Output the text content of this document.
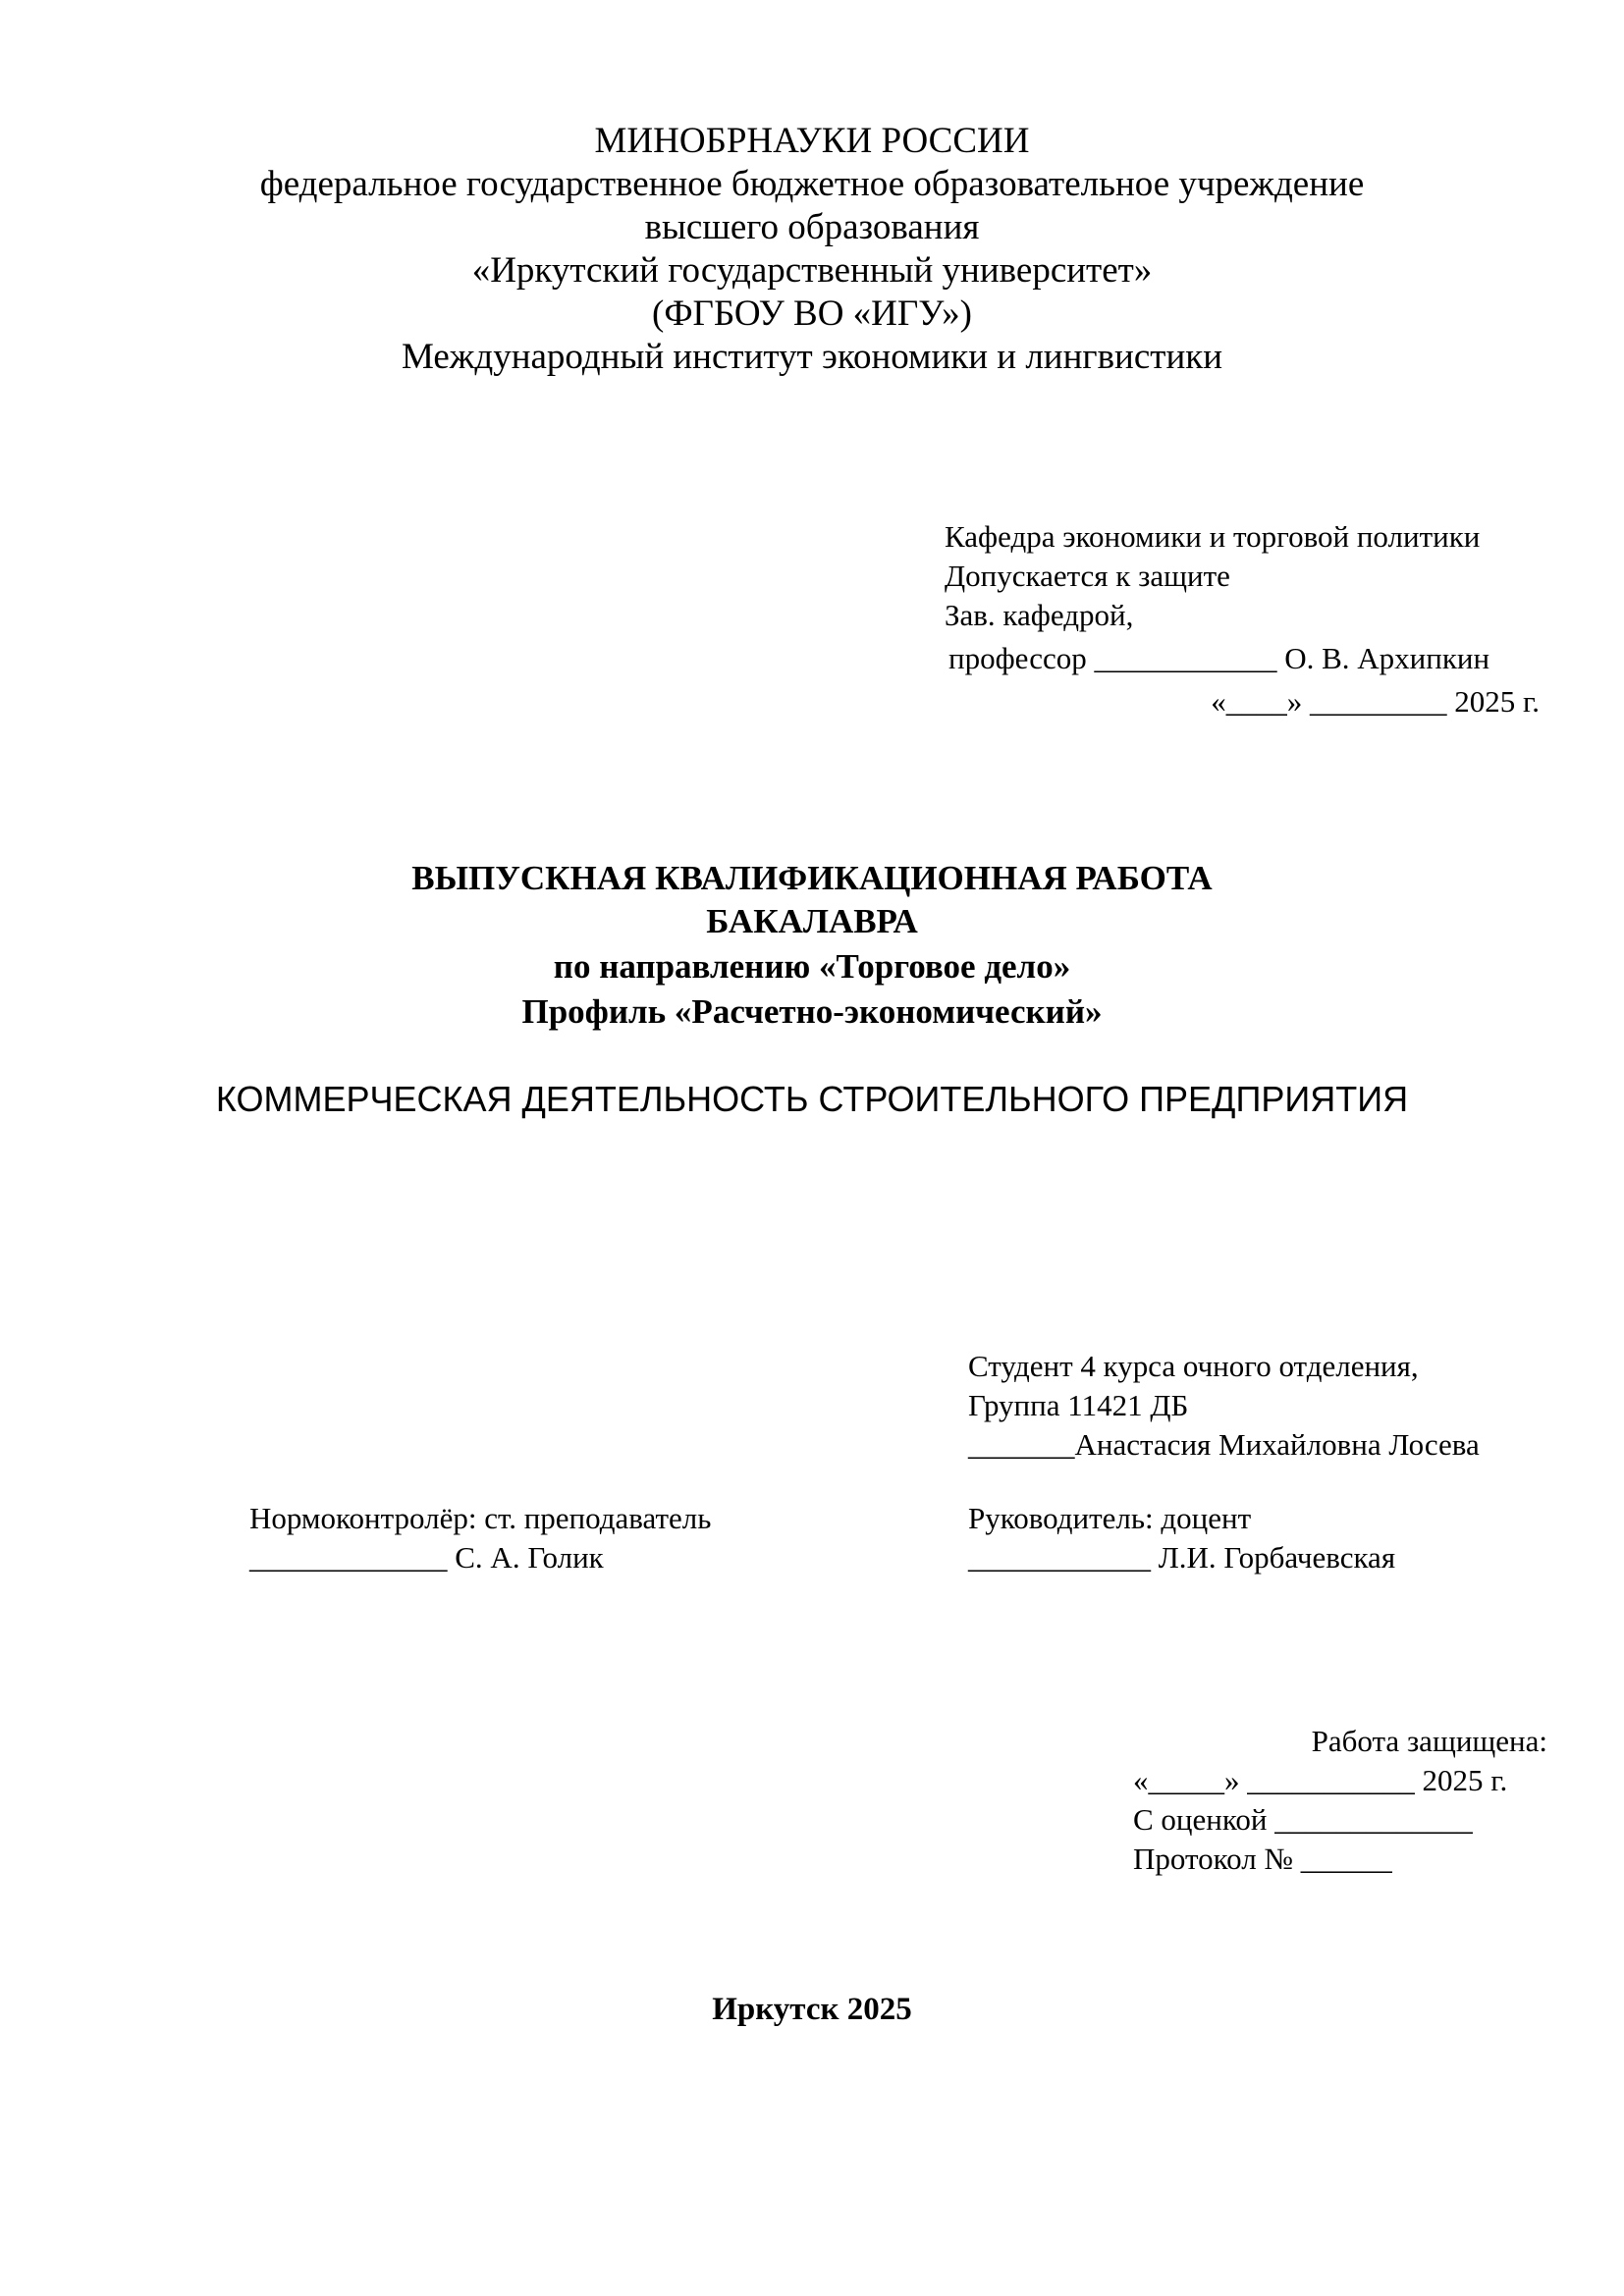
МИНОБРНАУКИ РОССИИ
федеральное государственное бюджетное образовательное учреждение
высшего образования
«Иркутский государственный университет»
(ФГБОУ ВО «ИГУ»)
Международный институт экономики и лингвистики
Кафедра экономики и торговой политики
Допускается к защите
Зав. кафедрой,
профессор ____________ О. В. Архипкин
«____» _________ 2025 г.
ВЫПУСКНАЯ КВАЛИФИКАЦИОННАЯ РАБОТА
БАКАЛАВРА
по направлению «Торговое дело»
Профиль «Расчетно-экономический»
КОММЕРЧЕСКАЯ ДЕЯТЕЛЬНОСТЬ СТРОИТЕЛЬНОГО ПРЕДПРИЯТИЯ
Студент 4 курса очного отделения,
Группа 11421 ДБ
_______Анастасия Михайловна Лосева
Нормоконтролёр: ст. преподаватель
_____________ С. А. Голик
Руководитель: доцент
____________ Л.И. Горбачевская
Работа защищена:
«_____» ___________ 2025 г.
С оценкой _____________
Протокол № ______
Иркутск 2025
